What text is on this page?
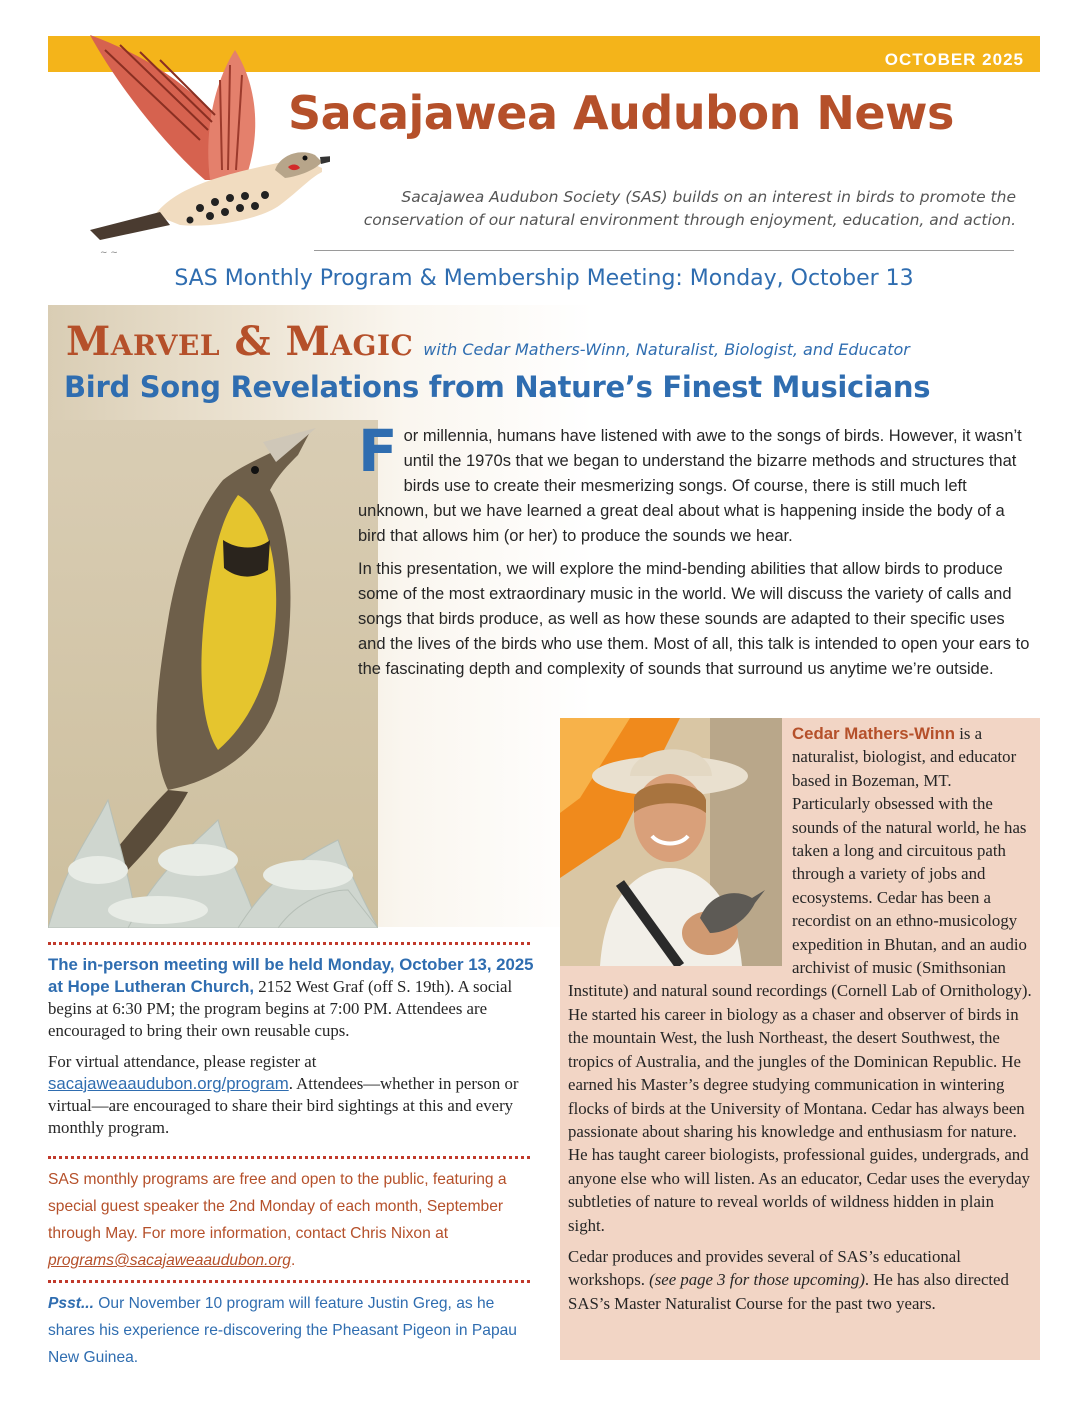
OCTOBER 2025
~ ~
Sacajawea Audubon News
Sacajawea Audubon Society (SAS) builds on an interest in birds to promote the conservation of our natural environment through enjoyment, education, and action.
SAS Monthly Program & Membership Meeting: Monday, October 13
Marvel & Magic with Cedar Mathers-Winn, Naturalist, Biologist, and Educator
Bird Song Revelations from Nature’s Finest Musicians

For millennia, humans have listened with awe to the songs of birds. However, it wasn’t until the 1970s that we began to understand the bizarre methods and structures that birds use to create their mesmerizing songs. Of course, there is still much left unknown, but we have learned a great deal about what is happening inside the body of a bird that allows him (or her) to produce the sounds we hear.

In this presentation, we will explore the mind-bending abilities that allow birds to produce some of the most extraordinary music in the world. We will discuss the variety of calls and songs that birds produce, as well as how these sounds are adapted to their specific uses and the lives of the birds who use them. Most of all, this talk is intended to open your ears to the fascinating depth and complexity of sounds that surround us anytime we’re outside.

The in-person meeting will be held Monday, October 13, 2025 at Hope Lutheran Church, 2152 West Graf (off S. 19th). A social begins at 6:30 PM; the program begins at 7:00 PM. Attendees are encouraged to bring their own reusable cups.

For virtual attendance, please register at sacajaweaaudubon.org/program. Attendees—whether in person or virtual—are encouraged to share their bird sightings at this and every monthly program.

SAS monthly programs are free and open to the public, featuring a special guest speaker the 2nd Monday of each month, September through May. For more information, contact Chris Nixon at programs@sacajaweaaudubon.org.
Psst... Our November 10 program will feature Justin Greg, as he shares his experience re-discovering the Pheasant Pigeon in Papau New Guinea.

Cedar Mathers-Winn is a naturalist, biologist, and educator based in Bozeman, MT. Particularly obsessed with the sounds of the natural world, he has taken a long and circuitous path through a variety of jobs and ecosystems. Cedar has been a recordist on an ethno-musicology expedition in Bhutan, and an audio archivist of music (Smithsonian Institute) and natural sound recordings (Cornell Lab of Ornithology). He started his career in biology as a chaser and observer of birds in the mountain West, the lush Northeast, the desert Southwest, the tropics of Australia, and the jungles of the Dominican Republic. He earned his Master’s degree studying communication in wintering flocks of birds at the University of Montana. Cedar has always been passionate about sharing his knowledge and enthusiasm for nature. He has taught career biologists, professional guides, undergrads, and anyone else who will listen. As an educator, Cedar uses the everyday subtleties of nature to reveal worlds of wildness hidden in plain sight.

Cedar produces and provides several of SAS’s educational workshops. (see page 3 for those upcoming). He has also directed SAS’s Master Naturalist Course for the past two years.
